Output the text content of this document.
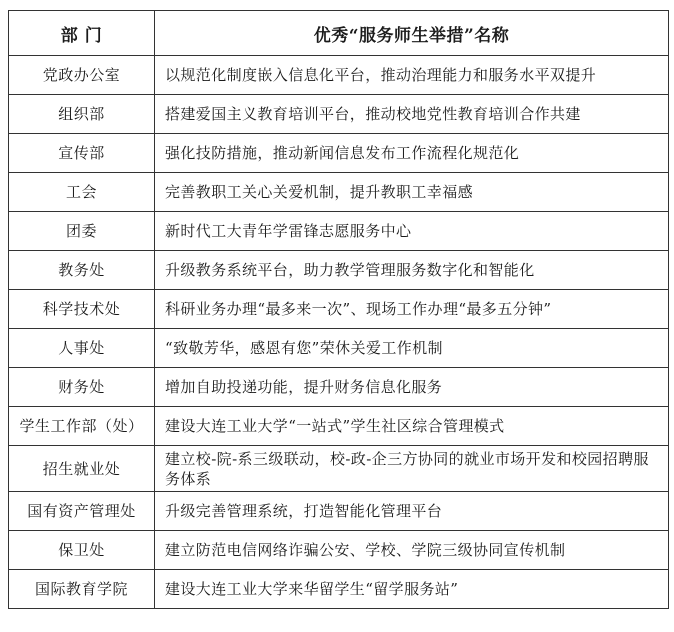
部 门	优秀“服务师生举措”名称
党政办公室	以规范化制度嵌入信息化平台，推动治理能力和服务水平双提升
组织部	搭建爱国主义教育培训平台，推动校地党性教育培训合作共建
宣传部	强化技防措施，推动新闻信息发布工作流程化规范化
工会	完善教职工关心关爱机制，提升教职工幸福感
团委	新时代工大青年学雷锋志愿服务中心
教务处	升级教务系统平台，助力教学管理服务数字化和智能化
科学技术处	科研业务办理“最多来一次”、现场工作办理“最多五分钟”
人事处	“致敬芳华，感恩有您”荣休关爱工作机制
财务处	增加自助投递功能，提升财务信息化服务
学生工作部（处）	建设大连工业大学“一站式”学生社区综合管理模式
招生就业处	建立校-院-系三级联动，校-政-企三方协同的就业市场开发和校园招聘服务体系
国有资产管理处	升级完善管理系统，打造智能化管理平台
保卫处	建立防范电信网络诈骗公安、学校、学院三级协同宣传机制
国际教育学院	建设大连工业大学来华留学生“留学服务站”
